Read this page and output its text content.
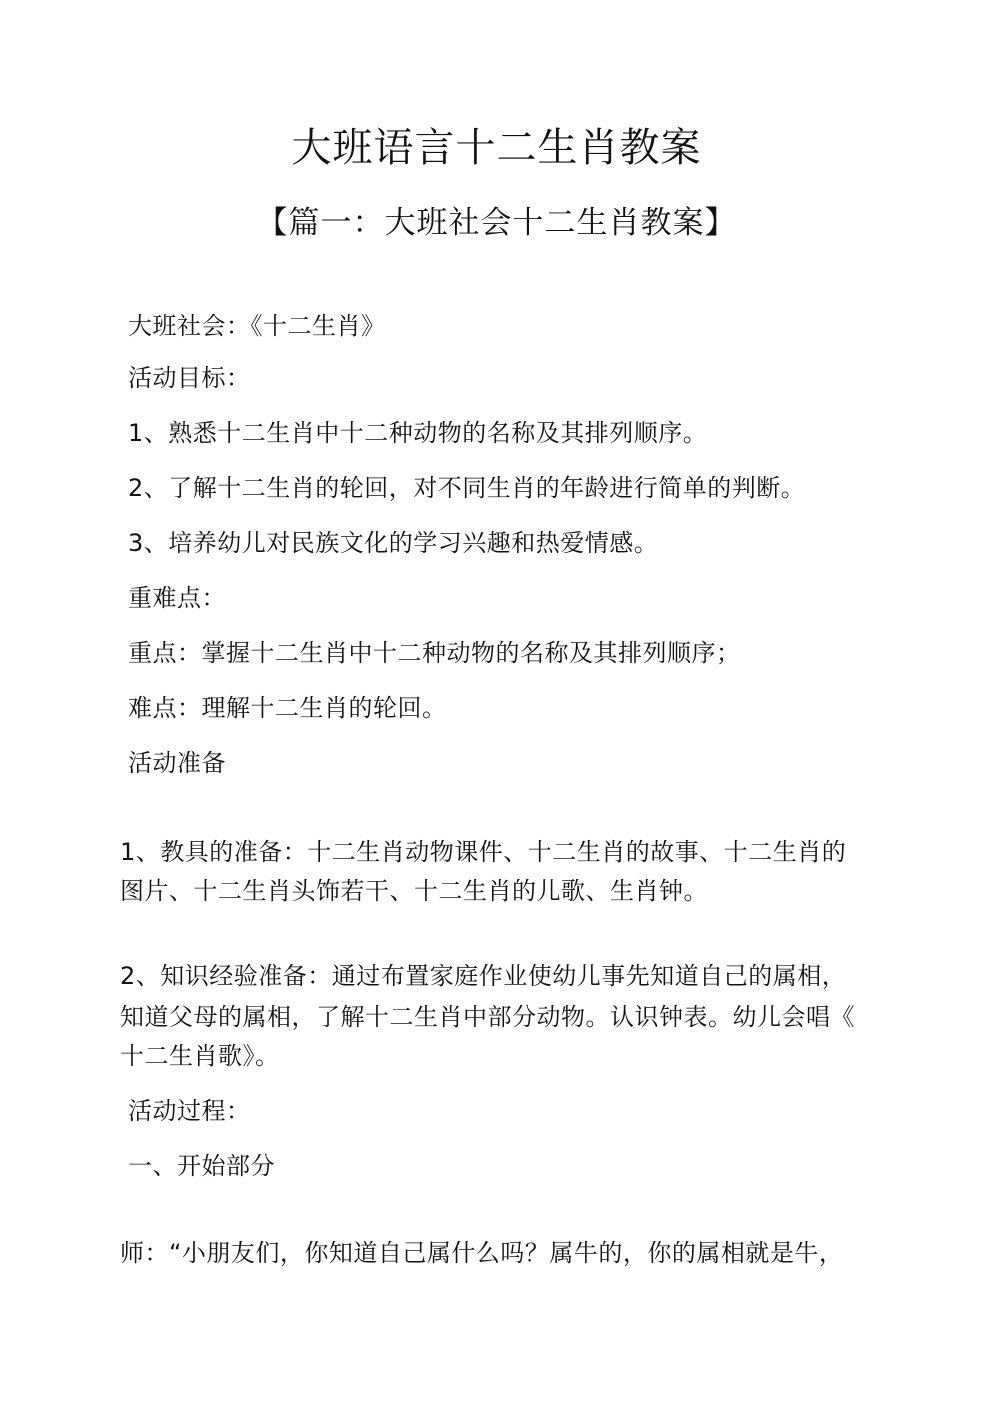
大班语言十二生肖教案
【篇一：大班社会十二生肖教案】
大班社会：《十二生肖》
活动目标：
1、熟悉十二生肖中十二种动物的名称及其排列顺序。
2、了解十二生肖的轮回，对不同生肖的年龄进行简单的判断。
3、培养幼儿对民族文化的学习兴趣和热爱情感。
重难点：
重点：掌握十二生肖中十二种动物的名称及其排列顺序；
难点：理解十二生肖的轮回。
活动准备
1、教具的准备：十二生肖动物课件、十二生肖的故事、十二生肖的
图片、十二生肖头饰若干、十二生肖的儿歌、生肖钟。
2、知识经验准备：通过布置家庭作业使幼儿事先知道自己的属相，
知道父母的属相，了解十二生肖中部分动物。认识钟表。幼儿会唱《
十二生肖歌》。
活动过程：
一、开始部分
师：“小朋友们，你知道自己属什么吗？属牛的，你的属相就是牛，
